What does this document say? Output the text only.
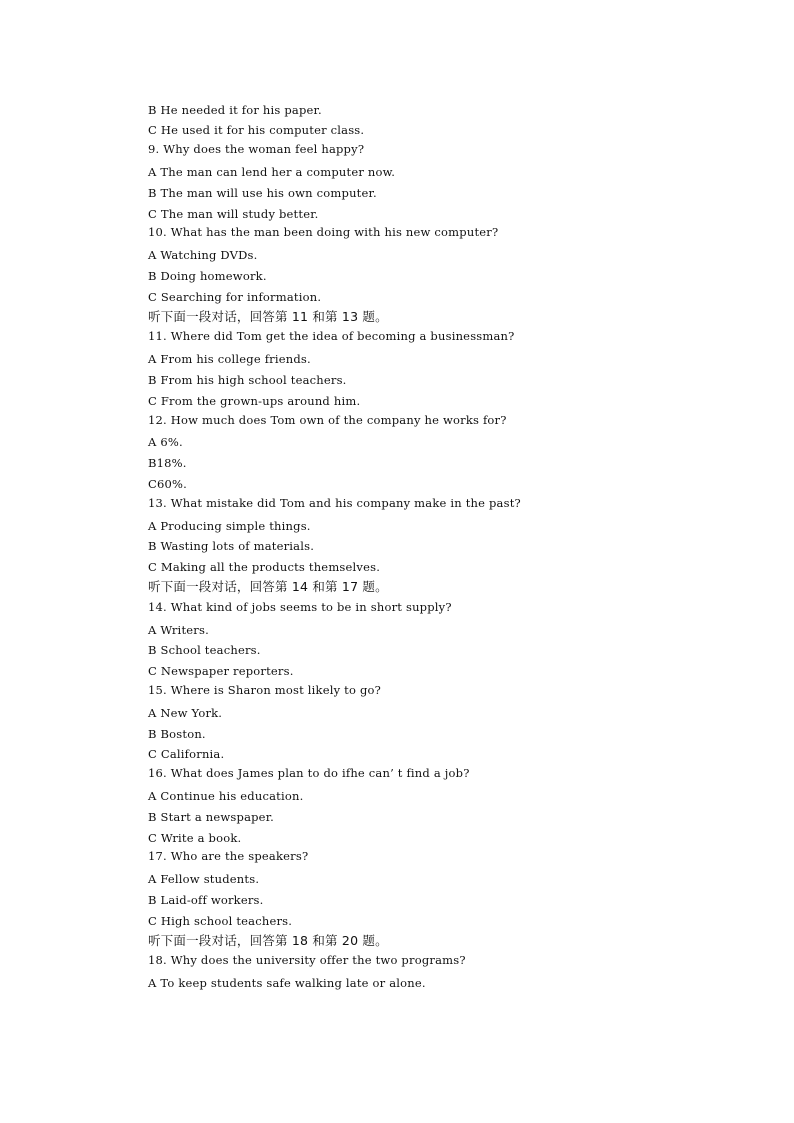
B He needed it for his paper.
C He used it for his computer class.
9. Why does the woman feel happy?
A The man can lend her a computer now.
B The man will use his own computer.
C The man will study better.
10. What has the man been doing with his new computer?
A Watching DVDs.
B Doing homework.
C Searching for information.
听下面一段对话，回答第 11 和第 13 题。
11. Where did Tom get the idea of becoming a businessman?
A From his college friends.
B From his high school teachers.
C From the grown-ups around him.
12. How much does Tom own of the company he works for?
A 6%.
B18%.
C60%.
13. What mistake did Tom and his company make in the past?
A Producing simple things.
B Wasting lots of materials.
C Making all the products themselves.
听下面一段对话，回答第 14 和第 17 题。
14. What kind of jobs seems to be in short supply?
A Writers.
B School teachers.
C Newspaper reporters.
15. Where is Sharon most likely to go?
A New York.
B Boston.
C California.
16. What does James plan to do ifhe can’ t find a job?
A Continue his education.
B Start a newspaper.
C Write a book.
17. Who are the speakers?
A Fellow students.
B Laid-off workers.
C High school teachers.
听下面一段对话，回答第 18 和第 20 题。
18. Why does the university offer the two programs?
A To keep students safe walking late or alone.
